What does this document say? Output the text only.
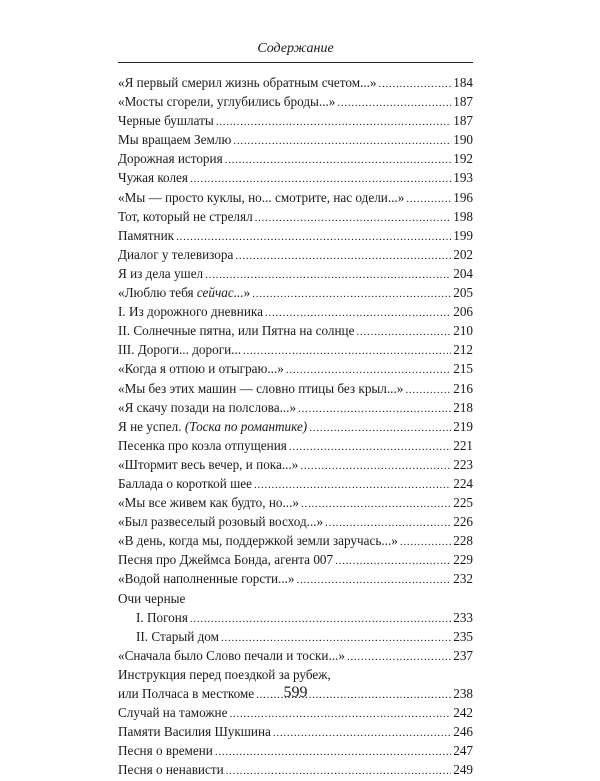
Содержание
«Я первый смерил жизнь обратным счетом...» . . .	184
«Мосты сгорели, углубились броды...» . . .	187
Черные бушлаты . . .	187
Мы вращаем Землю . . .	190
Дорожная история . . .	192
Чужая колея . . .	193
«Мы — просто куклы, но... смотрите, нас одели...» . . .	196
Тот, который не стрелял . . .	198
Памятник . . .	199
Диалог у телевизора . . .	202
Я из дела ушел . . .	204
«Люблю тебя сейчас...» . . .	205
I. Из дорожного дневника . . .	206
II. Солнечные пятна, или Пятна на солнце . . .	210
III. Дороги... дороги... . . .	212
«Когда я отпою и отыграю...» . . .	215
«Мы без этих машин — словно птицы без крыл...» . . .	216
«Я скачу позади на полслова...» . . .	218
Я не успел. (Тоска по романтике) . . .	219
Песенка про козла отпущения . . .	221
«Штормит весь вечер, и пока...» . . .	223
Баллада о короткой шее . . .	224
«Мы все живем как будто, но...» . . .	225
«Был развеселый розовый восход...» . . .	226
«В день, когда мы, поддержкой земли заручась...» . . .	228
Песня про Джеймса Бонда, агента 007 . . .	229
«Водой наполненные горсти...» . . .	232
Очи черные
I. Погоня . . .	233
II. Старый дом . . .	235
«Сначала было Слово печали и тоски...» . . .	237
Инструкция перед поездкой за рубеж,
или Полчаса в месткоме . . .	238
Случай на таможне . . .	242
Памяти Василия Шукшина . . .	246
Песня о времени . . .	247
Песня о ненависти . . .	249
599
